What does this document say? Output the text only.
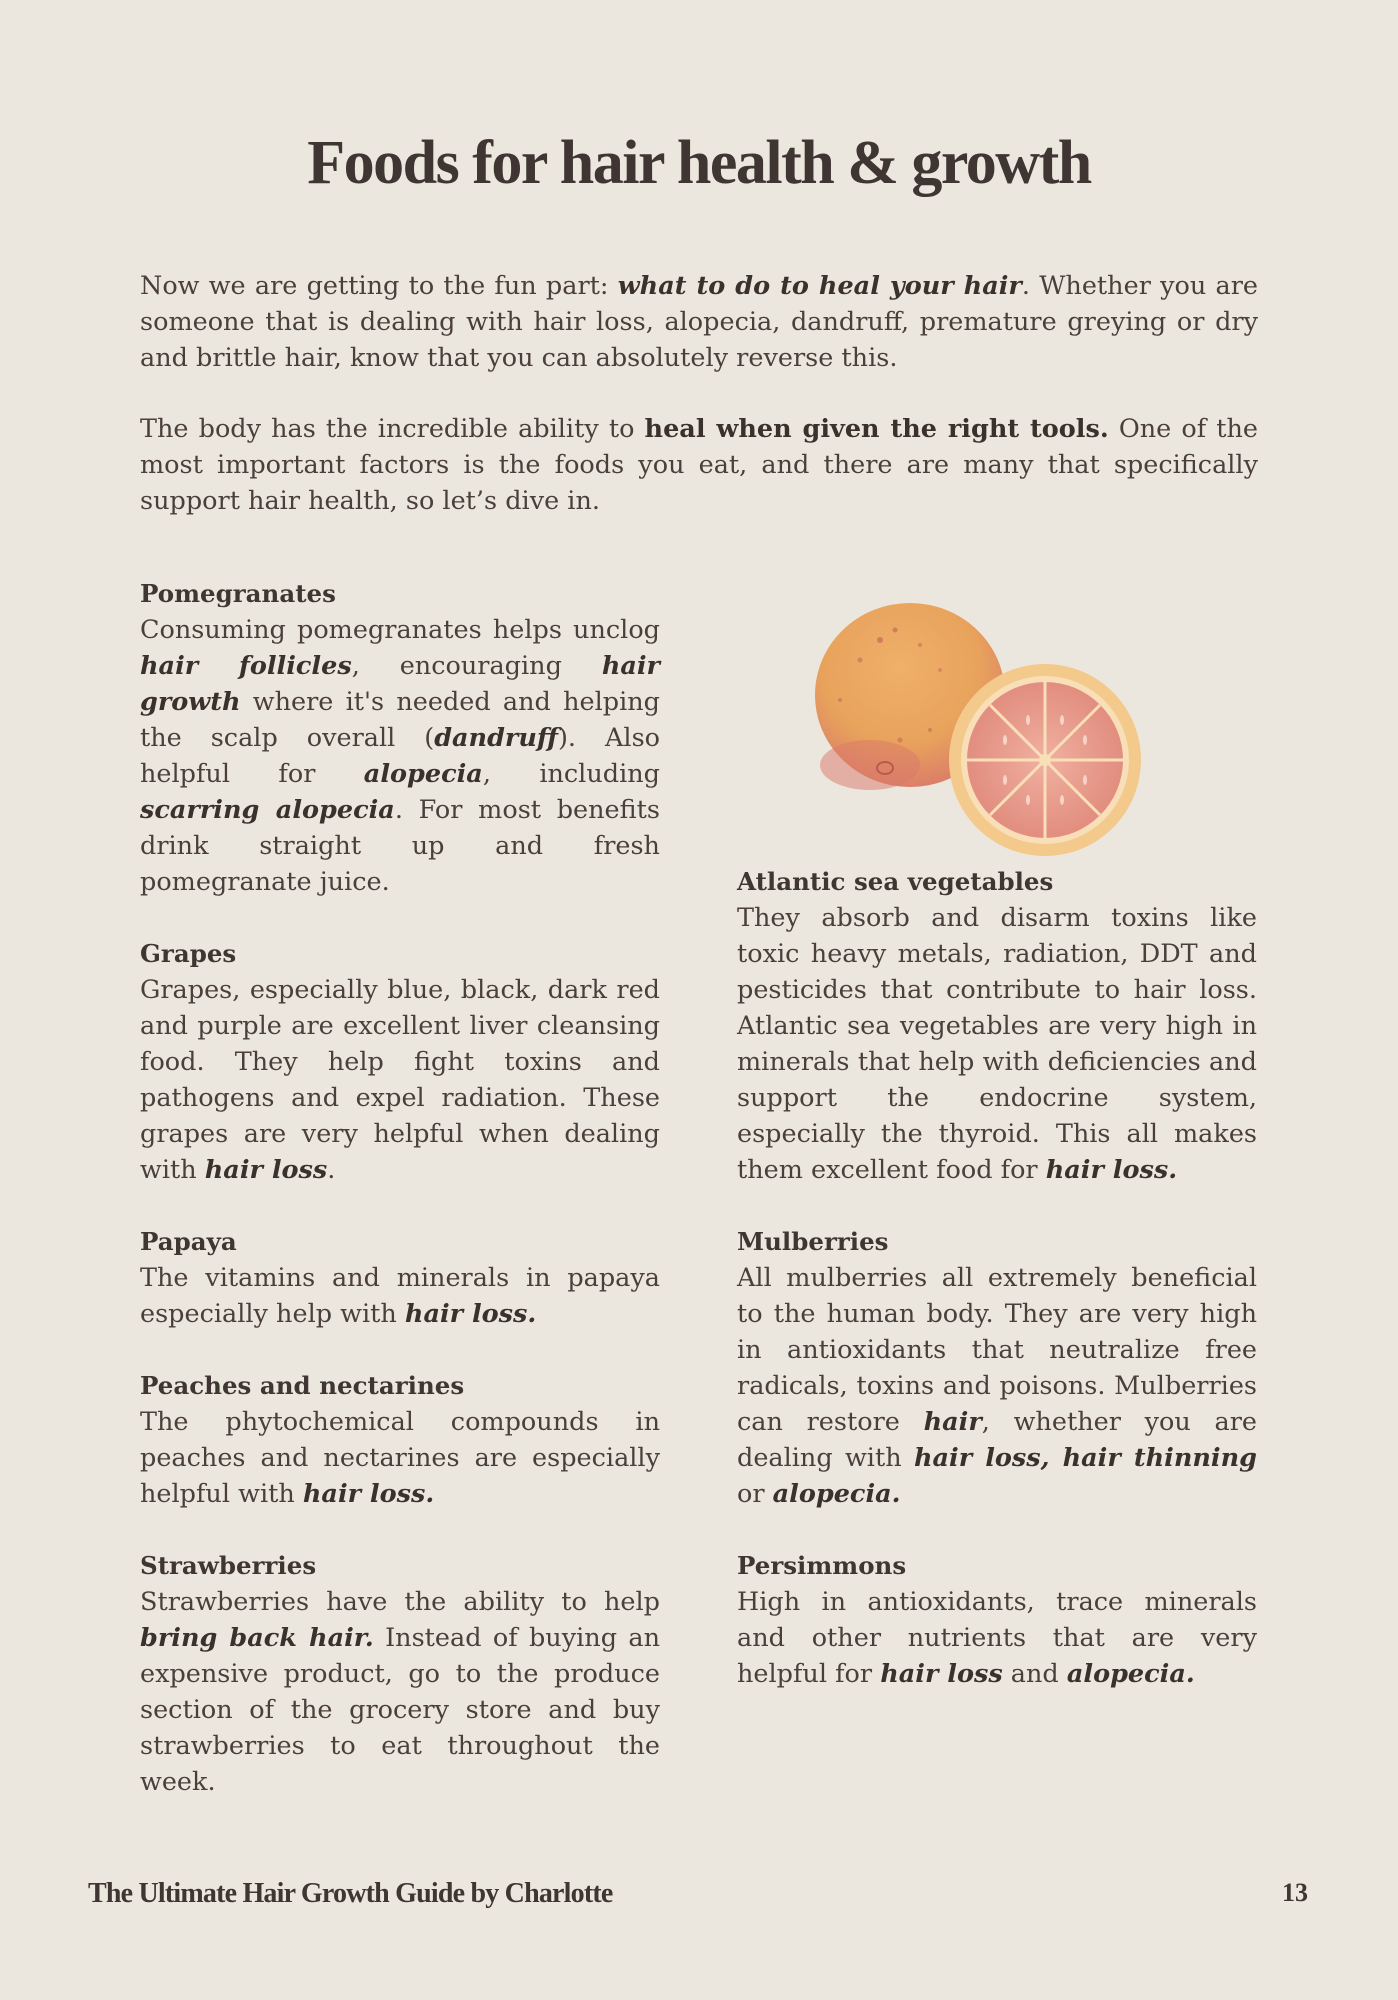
Foods for hair health & growth

Now we are getting to the fun part: what to do to heal your hair. Whether you are someone that is dealing with hair loss, alopecia, dandruff, premature greying or dry and brittle hair, know that you can absolutely reverse this.

The body has the incredible ability to heal when given the right tools. One of the most important factors is the foods you eat, and there are many that specifically support hair health, so let’s dive in.

Pomegranates

Consuming pomegranates helps unclog hair follicles, encouraging hair growth where it's needed and helping the scalp overall (dandruff). Also helpful for alopecia, including scarring alopecia. For most benefits drink straight up and fresh pomegranate juice.

Grapes

Grapes, especially blue, black, dark red and purple are excellent liver cleansing food. They help fight toxins and pathogens and expel radiation. These grapes are very helpful when dealing with hair loss.

Papaya

The vitamins and minerals in papaya especially help with hair loss.

Peaches and nectarines

The phytochemical compounds in peaches and nectarines are especially helpful with hair loss.

Strawberries

Strawberries have the ability to help bring back hair. Instead of buying an expensive product, go to the produce section of the grocery store and buy strawberries to eat throughout the week.

Atlantic sea vegetables

They absorb and disarm toxins like toxic heavy metals, radiation, DDT and pesticides that contribute to hair loss. Atlantic sea vegetables are very high in minerals that help with deficiencies and support the endocrine system, especially the thyroid. This all makes them excellent food for hair loss.

Mulberries

All mulberries all extremely beneficial to the human body. They are very high in antioxidants that neutralize free radicals, toxins and poisons. Mulberries can restore hair, whether you are dealing with hair loss, hair thinning or alopecia.

Persimmons

High in antioxidants, trace minerals and other nutrients that are very helpful for hair loss and alopecia.

The Ultimate Hair Growth Guide by Charlotte	13
